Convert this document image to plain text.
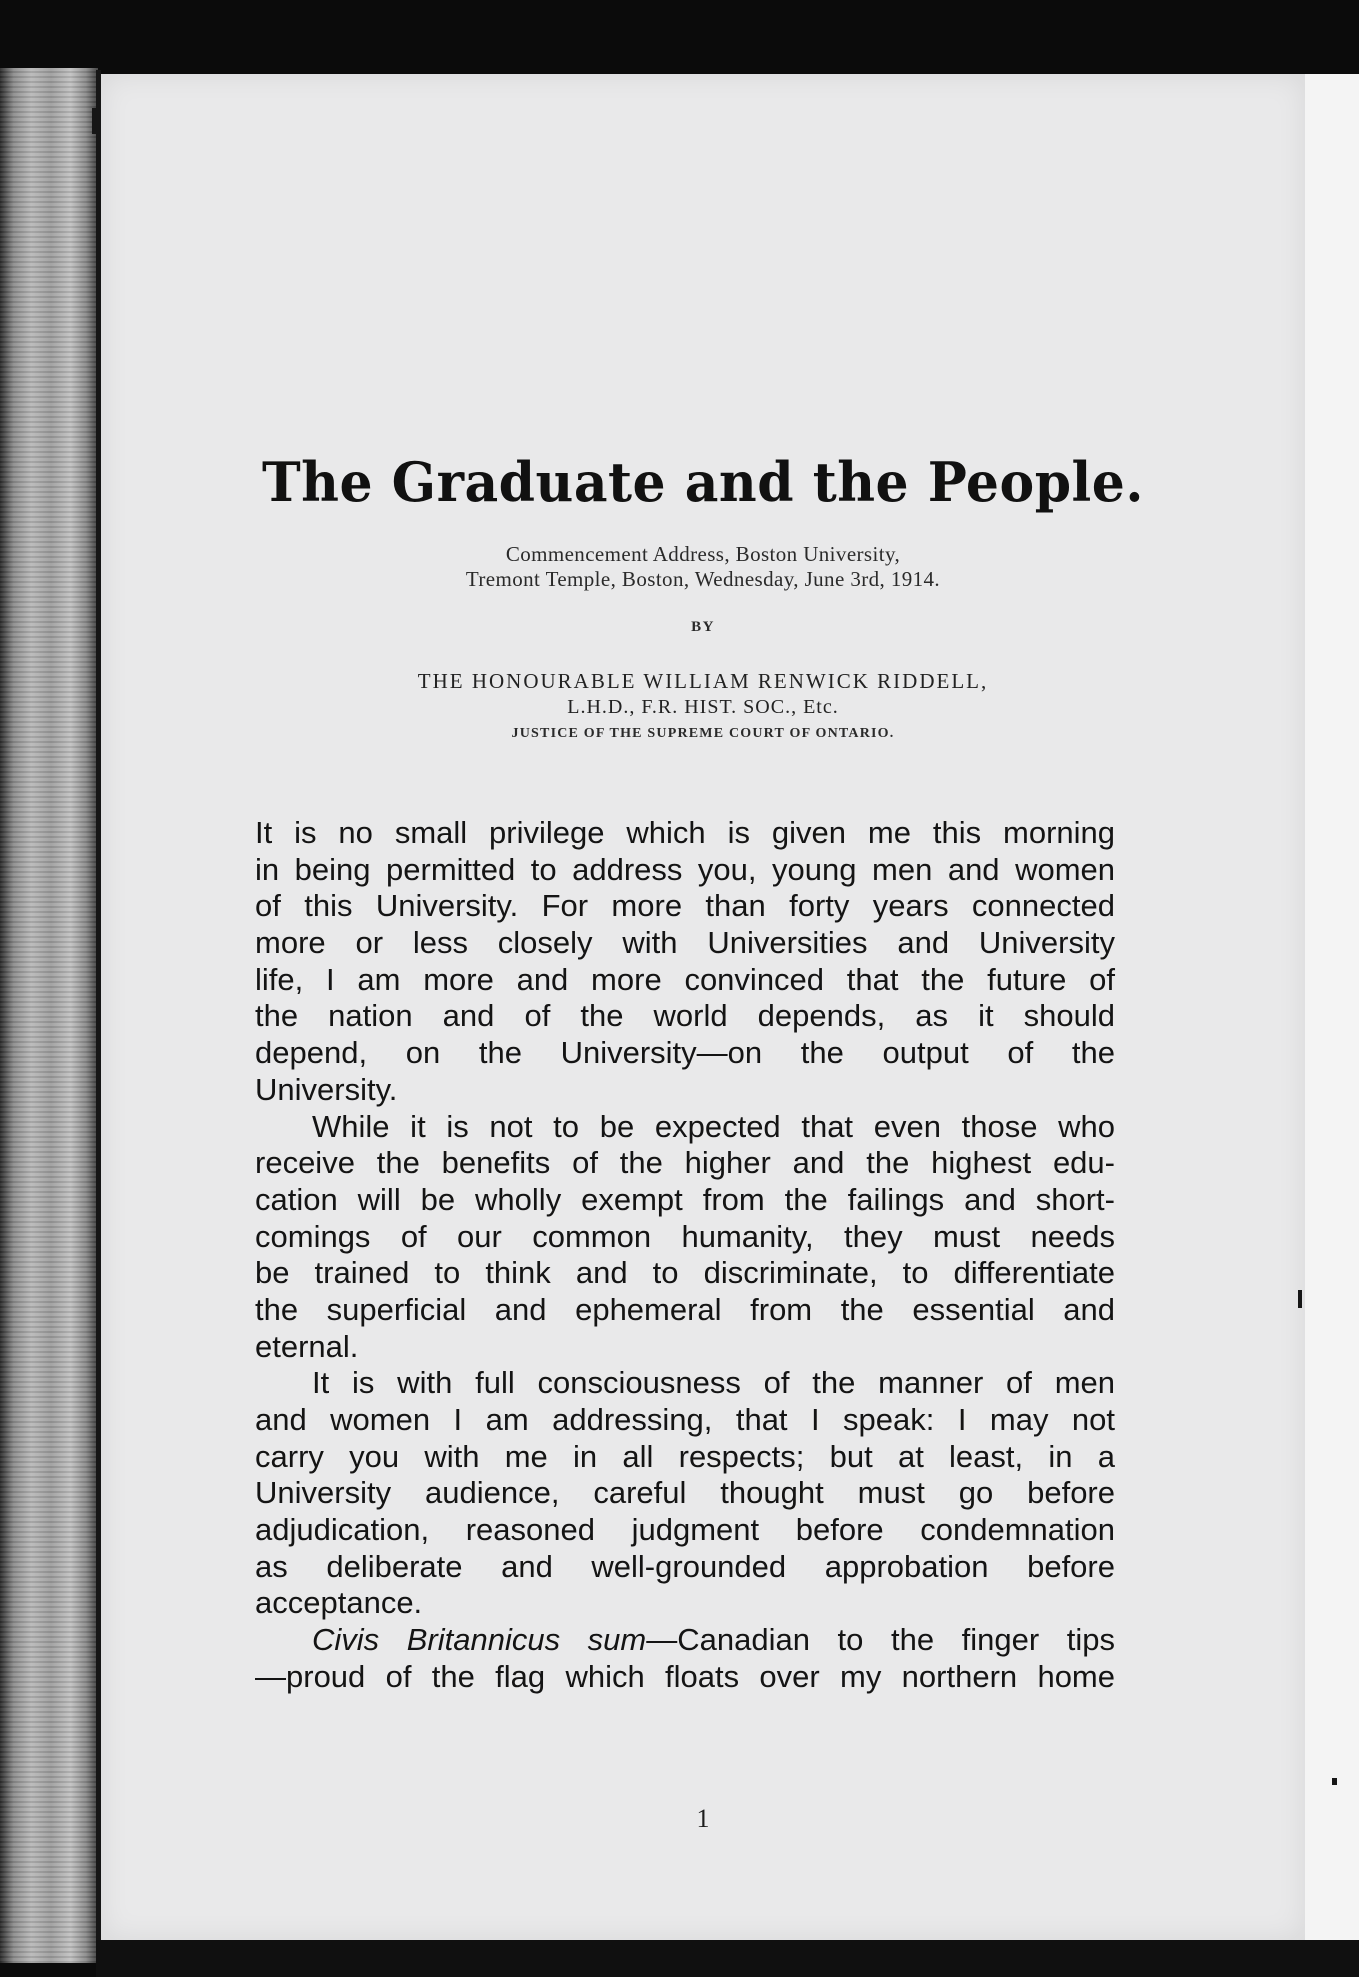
The Graduate and the People.
Commencement Address, Boston University,
Tremont Temple, Boston, Wednesday, June 3rd, 1914.
BY
THE HONOURABLE WILLIAM RENWICK RIDDELL,
L.H.D., F.R. HIST. SOC., Etc.
JUSTICE OF THE SUPREME COURT OF ONTARIO.
It is no small privilege which is given me this morning
in being permitted to address you, young men and women
of this University. For more than forty years connected
more or less closely with Universities and University
life, I am more and more convinced that the future of
the nation and of the world depends, as it should
depend, on the University—on the output of the
University.
While it is not to be expected that even those who
receive the benefits of the higher and the highest edu-
cation will be wholly exempt from the failings and short-
comings of our common humanity, they must needs
be trained to think and to discriminate, to differentiate
the superficial and ephemeral from the essential and
eternal.
It is with full consciousness of the manner of men
and women I am addressing, that I speak: I may not
carry you with me in all respects; but at least, in a
University audience, careful thought must go before
adjudication, reasoned judgment before condemnation
as deliberate and well-grounded approbation before
acceptance.
Civis Britannicus sum—Canadian to the finger tips
—proud of the flag which floats over my northern home
1
